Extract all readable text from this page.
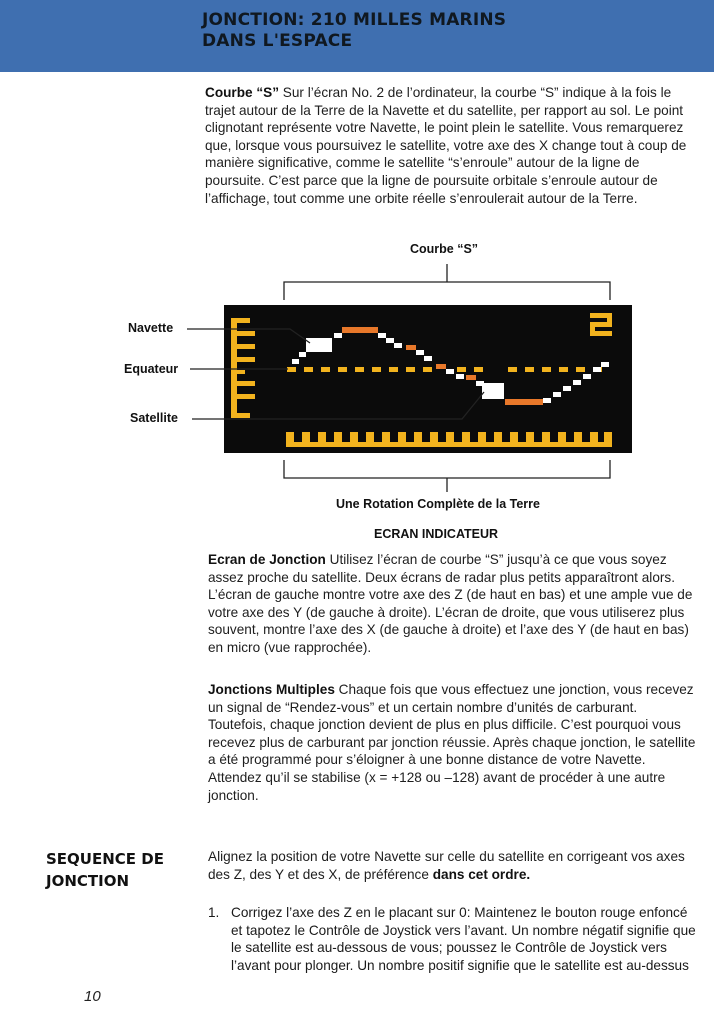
JONCTION: 210 MILLES MARINS
DANS L'ESPACE

Courbe “S” Sur l’écran No. 2 de l’ordinateur, la courbe “S” indique à la fois le trajet autour de la Terre de la Navette et du satellite, per rapport au sol. Le point clignotant représente votre Navette, le point plein le satellite. Vous remarquerez que, lorsque vous poursuivez le satellite, votre axe des X change tout à coup de manière significative, comme le satellite “s’enroule” autour de la ligne de poursuite. C’est parce que la ligne de poursuite orbitale s’enroule autour de l’affichage, tout comme une orbite réelle s’enroulerait autour de la Terre.

Courbe “S”
Navette
Equateur
Satellite
Une Rotation Complète de la Terre
ECRAN INDICATEUR

Ecran de Jonction Utilisez l’écran de courbe “S” jusqu’à ce que vous soyez assez proche du satellite. Deux écrans de radar plus petits apparaîtront alors. L’écran de gauche montre votre axe des Z (de haut en bas) et une ample vue de votre axe des Y (de gauche à droite). L’écran de droite, que vous utiliserez plus souvent, montre l’axe des X (de gauche à droite) et l’axe des Y (de haut en bas) en micro (vue rapprochée).

Jonctions Multiples Chaque fois que vous effectuez une jonction, vous recevez un signal de “Rendez-vous” et un certain nombre d’unités de carburant. Toutefois, chaque jonction devient de plus en plus difficile. C’est pourquoi vous recevez plus de carburant par jonction réussie. Après chaque jonction, le satellite a été programmé pour s’éloigner à une bonne distance de votre Navette. Attendez qu’il se stabilise (x = +128 ou –128) avant de procéder à une autre jonction.

SEQUENCE DE
JONCTION

Alignez la position de votre Navette sur celle du satellite en corrigeant vos axes des Z, des Y et des X, de préférence dans cet ordre.

1. Corrigez l’axe des Z en le placant sur 0: Maintenez le bouton rouge enfoncé et tapotez le Contrôle de Joystick vers l’avant. Un nombre négatif signifie que le satellite est au-dessous de vous; poussez le Contrôle de Joystick vers l’avant pour plonger. Un nombre positif signifie que le satellite est au-dessus
10
